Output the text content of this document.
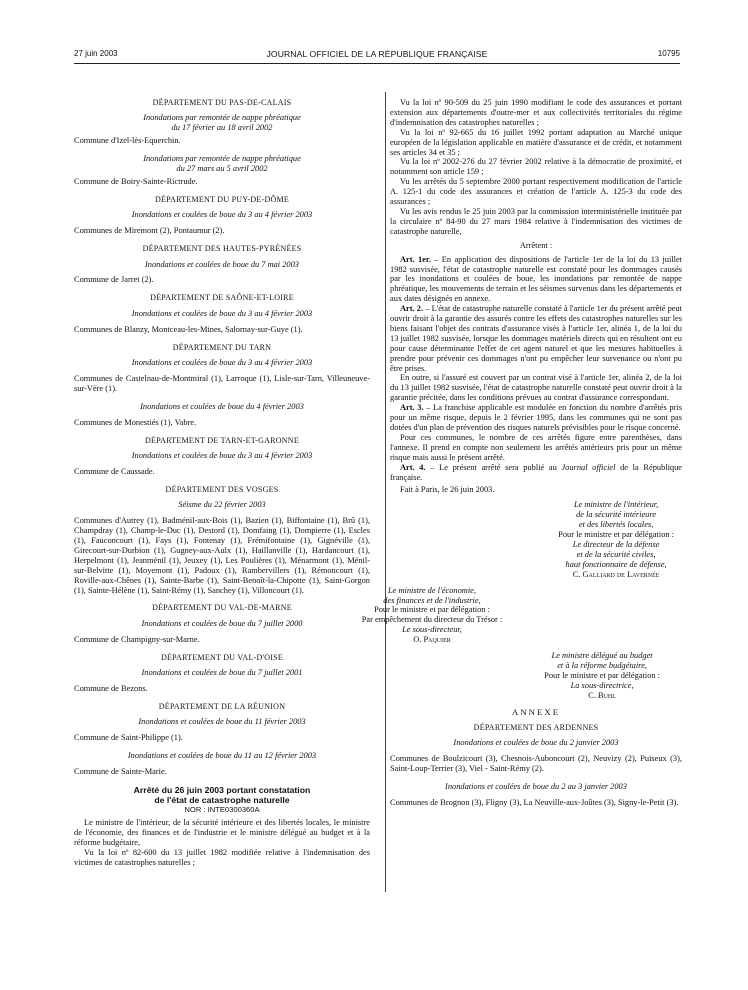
27 juin 2003	JOURNAL OFFICIEL DE LA RÉPUBLIQUE FRANÇAISE	10795

DÉPARTEMENT DU PAS-DE-CALAIS

Inondations par remontée de nappe phréatique
du 17 février au 18 avril 2002

Commune d'Izel-lès-Equerchin.

Inondations par remontée de nappe phréatique
du 27 mars au 5 avril 2002

Commune de Boiry-Sainte-Rictrude.

DÉPARTEMENT DU PUY-DE-DÔME

Inondations et coulées de boue du 3 au 4 février 2003

Communes de Miremont (2), Pontaumur (2).

DÉPARTEMENT DES HAUTES-PYRÉNÉES

Inondations et coulées de boue du 7 mai 2003

Commune de Jarret (2).

DÉPARTEMENT DE SAÔNE-ET-LOIRE

Inondations et coulées de boue du 3 au 4 février 2003

Communes de Blanzy, Montceau-les-Mines, Salornay-sur-Guye (1).

DÉPARTEMENT DU TARN

Inondations et coulées de boue du 3 au 4 février 2003

Communes de Castelnau-de-Montmiral (1), Larroque (1), Lisle-sur-Tarn, Villeuneuve-sur-Vère (1).

Inondations et coulées de boue du 4 février 2003

Communes de Monestiés (1), Vabre.

DÉPARTEMENT DE TARN-ET-GARONNE

Inondations et coulées de boue du 3 au 4 février 2003

Commune de Caussade.

DÉPARTEMENT DES VOSGES

Séisme du 22 février 2003

Communes d'Autrey (1), Badménil-aux-Bois (1), Bazien (1), Biffontaine (1), Brû (1), Champdray (1), Champ-le-Duc (1), Destord (1), Domfaing (1), Dompierre (1), Escles (1), Fauconcourt (1), Fays (1), Fontenay (1), Frémifontaine (1), Gignéville (1), Girecourt-sur-Durbion (1), Gugney-aux-Aulx (1), Haillanville (1), Hardancourt (1), Herpelmont (1), Jeanménil (1), Jeuxey (1), Les Poulières (1), Ménarmont (1), Ménil-sur-Belvitte (1), Moyemont (1), Padoux (1), Rambervillers (1), Rémoncourt (1), Roville-aux-Chênes (1), Sainte-Barbe (1), Saint-Benoît-la-Chipotte (1), Saint-Gorgon (1), Sainte-Hélène (1), Saint-Rémy (1), Sanchey (1), Villoncourt (1).

DÉPARTEMENT DU VAL-DE-MARNE

Inondations et coulées de boue du 7 juillet 2000

Commune de Champigny-sur-Marne.

DÉPARTEMENT DU VAL-D'OISE

Inondations et coulées de boue du 7 juillet 2001

Commune de Bezons.

DÉPARTEMENT DE LA RÉUNION

Inondations et coulées de boue du 11 février 2003

Commune de Saint-Philippe (1).

Inondations et coulées de boue du 11 au 12 février 2003

Commune de Sainte-Marie.

Arrêté du 26 juin 2003 portant constatation
de l'état de catastrophe naturelle

NOR : INTE0300360A

Le ministre de l'intérieur, de la sécurité intérieure et des libertés locales, le ministre de l'économie, des finances et de l'industrie et le ministre délégué au budget et à la réforme budgétaire,

Vu la loi nº 82-600 du 13 juillet 1982 modifiée relative à l'indemnisation des victimes de catastrophes naturelles ;

Vu la loi nº 90-509 du 25 juin 1990 modifiant le code des assurances et portant extension aux départements d'outre-mer et aux collectivités territoriales du régime d'indemnisation des catastrophes naturelles ;

Vu la loi nº 92-665 du 16 juillet 1992 portant adaptation au Marché unique européen de la législation applicable en matière d'assurance et de crédit, et notamment ses articles 34 et 35 ;

Vu la loi nº 2002-276 du 27 février 2002 relative à la démocratie de proximité, et notamment son article 159 ;

Vu les arrêtés du 5 septembre 2000 portant respectivement modification de l'article A. 125-1 du code des assurances et création de l'article A. 125-3 du code des assurances ;

Vu les avis rendus le 25 juin 2003 par la commission interministérielle instituée par la circulaire nº 84-90 du 27 mars 1984 relative à l'indemnisation des victimes de catastrophe naturelle,

Arrêtent :

Art. 1er. – En application des dispositions de l'article 1er de la loi du 13 juillet 1982 susvisée, l'état de catastrophe naturelle est constaté pour les dommages causés par les inondations et coulées de boue, les inondations par remontée de nappe phréatique, les mouvements de terrain et les séismes survenus dans les départements et aux dates désignés en annexe.

Art. 2. – L'état de catastrophe naturelle constaté à l'article 1er du présent arrêté peut ouvrir droit à la garantie des assurés contre les effets des catastrophes naturelles sur les biens faisant l'objet des contrats d'assurance visés à l'article 1er, alinéa 1, de la loi du 13 juillet 1982 susvisée, lorsque les dommages matériels directs qui en résultent ont eu pour cause déterminante l'effet de cet agent naturel et que les mesures habituelles à prendre pour prévenir ces dommages n'ont pu empêcher leur survenance ou n'ont pu être prises.

En outre, si l'assuré est couvert par un contrat visé à l'article 1er, alinéa 2, de la loi du 13 juillet 1982 susvisée, l'état de catastrophe naturelle constaté peut ouvrir droit à la garantie précitée, dans les conditions prévues au contrat d'assurance correspondant.

Art. 3. – La franchise applicable est modulée en fonction du nombre d'arrêtés pris pour un même risque, depuis le 2 février 1995, dans les communes qui ne sont pas dotées d'un plan de prévention des risques naturels prévisibles pour le risque concerné.

Pour ces communes, le nombre de ces arrêtés figure entre parenthèses, dans l'annexe. Il prend en compte non seulement les arrêtés antérieurs pris pour un même risque mais aussi le présent arrêté.

Art. 4. – Le présent arrêté sera publié au Journal officiel de la République française.

Fait à Paris, le 26 juin 2003.

Le ministre de l'intérieur,

de la sécurité intérieure

et des libertés locales,

Pour le ministre et par délégation :

Le directeur de la défense

et de la sécurité civiles,

haut fonctionnaire de défense,

C. Galliard de Lavernée

Le ministre de l'économie,

des finances et de l'industrie,

Pour le ministre et par délégation :

Par empêchement du directeur du Trésor :

Le sous-directeur,

O. Paquier

Le ministre délégué au budget

et à la réforme budgétaire,

Pour le ministre et par délégation :

La sous-directrice,

C. Buhl

ANNEXE

DÉPARTEMENT DES ARDENNES

Inondations et coulées de boue du 2 janvier 2003

Communes de Boulzicourt (3), Chesnois-Auboncourt (2), Neuvizy (2), Puiseux (3), Saint-Loup-Terrier (3), Viel - Saint-Rémy (2).

Inondations et coulées de boue du 2 au 3 janvier 2003

Communes de Brognon (3), Fligny (3), La Neuville-aux-Joûtes (3), Signy-le-Petit (3).
